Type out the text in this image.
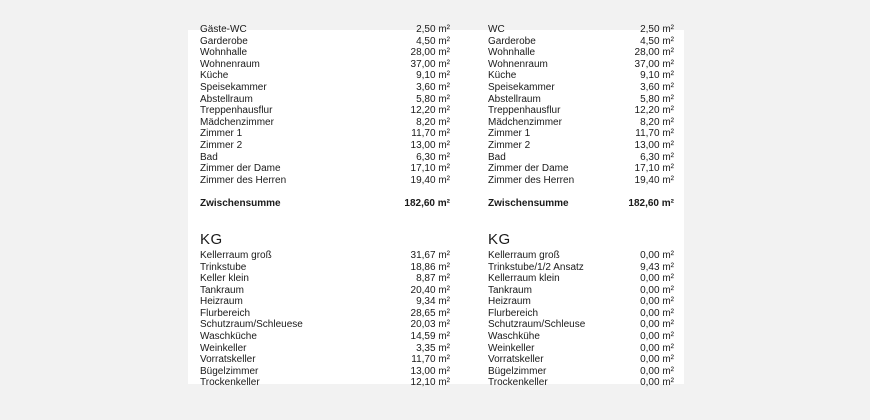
Gäste-WC	2,50 m²
Garderobe	4,50 m²
Wohnhalle	28,00 m²
Wohnenraum	37,00 m²
Küche	9,10 m²
Speisekammer	3,60 m²
Abstellraum	5,80 m²
Treppenhausflur	12,20 m²
Mädchenzimmer	8,20 m²
Zimmer 1	11,70 m²
Zimmer 2	13,00 m²
Bad	6,30 m²
Zimmer der Dame	17,10 m²
Zimmer des Herren	19,40 m²
Zwischensumme	182,60 m²
KG
Kellerraum groß	31,67 m²
Trinkstube	18,86 m²
Keller klein	8,87 m²
Tankraum	20,40 m²
Heizraum	9,34 m²
Flurbereich	28,65 m²
Schutzraum/Schleuese	20,03 m²
Waschküche	14,59 m²
Weinkeller	3,35 m²
Vorratskeller	11,70 m²
Bügelzimmer	13,00 m²
Trockenkeller	12,10 m²
WC	2,50 m²
Garderobe	4,50 m²
Wohnhalle	28,00 m²
Wohnenraum	37,00 m²
Küche	9,10 m²
Speisekammer	3,60 m²
Abstellraum	5,80 m²
Treppenhausflur	12,20 m²
Mädchenzimmer	8,20 m²
Zimmer 1	11,70 m²
Zimmer 2	13,00 m²
Bad	6,30 m²
Zimmer der Dame	17,10 m²
Zimmer des Herren	19,40 m²
Zwischensumme	182,60 m²
KG
Kellerraum groß	0,00 m²
Trinkstube/1/2 Ansatz	9,43 m²
Kellerraum klein	0,00 m²
Tankraum	0,00 m²
Heizraum	0,00 m²
Flurbereich	0,00 m²
Schutzraum/Schleuse	0,00 m²
Waschkühe	0,00 m²
Weinkeller	0,00 m²
Vorratskeller	0,00 m²
Bügelzimmer	0,00 m²
Trockenkeller	0,00 m²
